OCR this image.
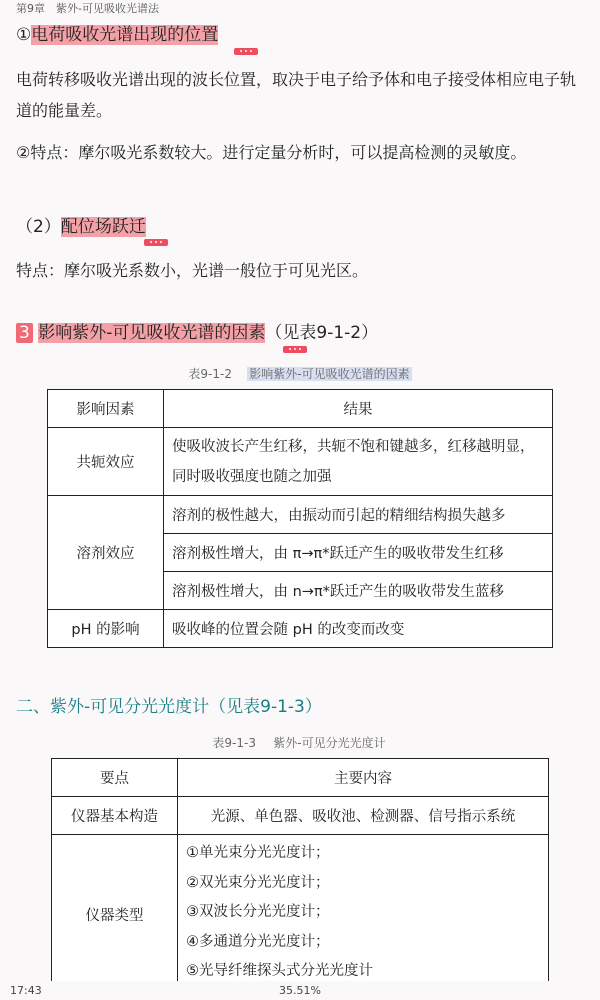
第9章 紫外-可见吸收光谱法
①电荷吸收光谱出现的位置
电荷转移吸收光谱出现的波长位置，取决于电子给予体和电子接受体相应电子轨道的能量差。
②特点：摩尔吸光系数较大。进行定量分析时，可以提高检测的灵敏度。
（2）配位场跃迁
特点：摩尔吸光系数小，光谱一般位于可见光区。
3 影响紫外-可见吸收光谱的因素（见表9-1-2）
表9-1-2 影响紫外-可见吸收光谱的因素
影响因素	结果
共轭效应	使吸收波长产生红移，共轭不饱和键越多，红移越明显，同时吸收强度也随之加强
溶剂效应	溶剂的极性越大，由振动而引起的精细结构损失越多
	溶剂极性增大，由 π→π*跃迁产生的吸收带发生红移
	溶剂极性增大，由 n→π*跃迁产生的吸收带发生蓝移
pH 的影响	吸收峰的位置会随 pH 的改变而改变
二、紫外-可见分光光度计（见表9-1-3）
表9-1-3 紫外-可见分光光度计
要点	主要内容
仪器基本构造	光源、单色器、吸收池、检测器、信号指示系统
仪器类型	①单光束分光光度计；
②双光束分光光度计；
③双波长分光光度计；
④多通道分光光度计；
⑤光导纤维探头式分光光度计
17:43	35.51%
